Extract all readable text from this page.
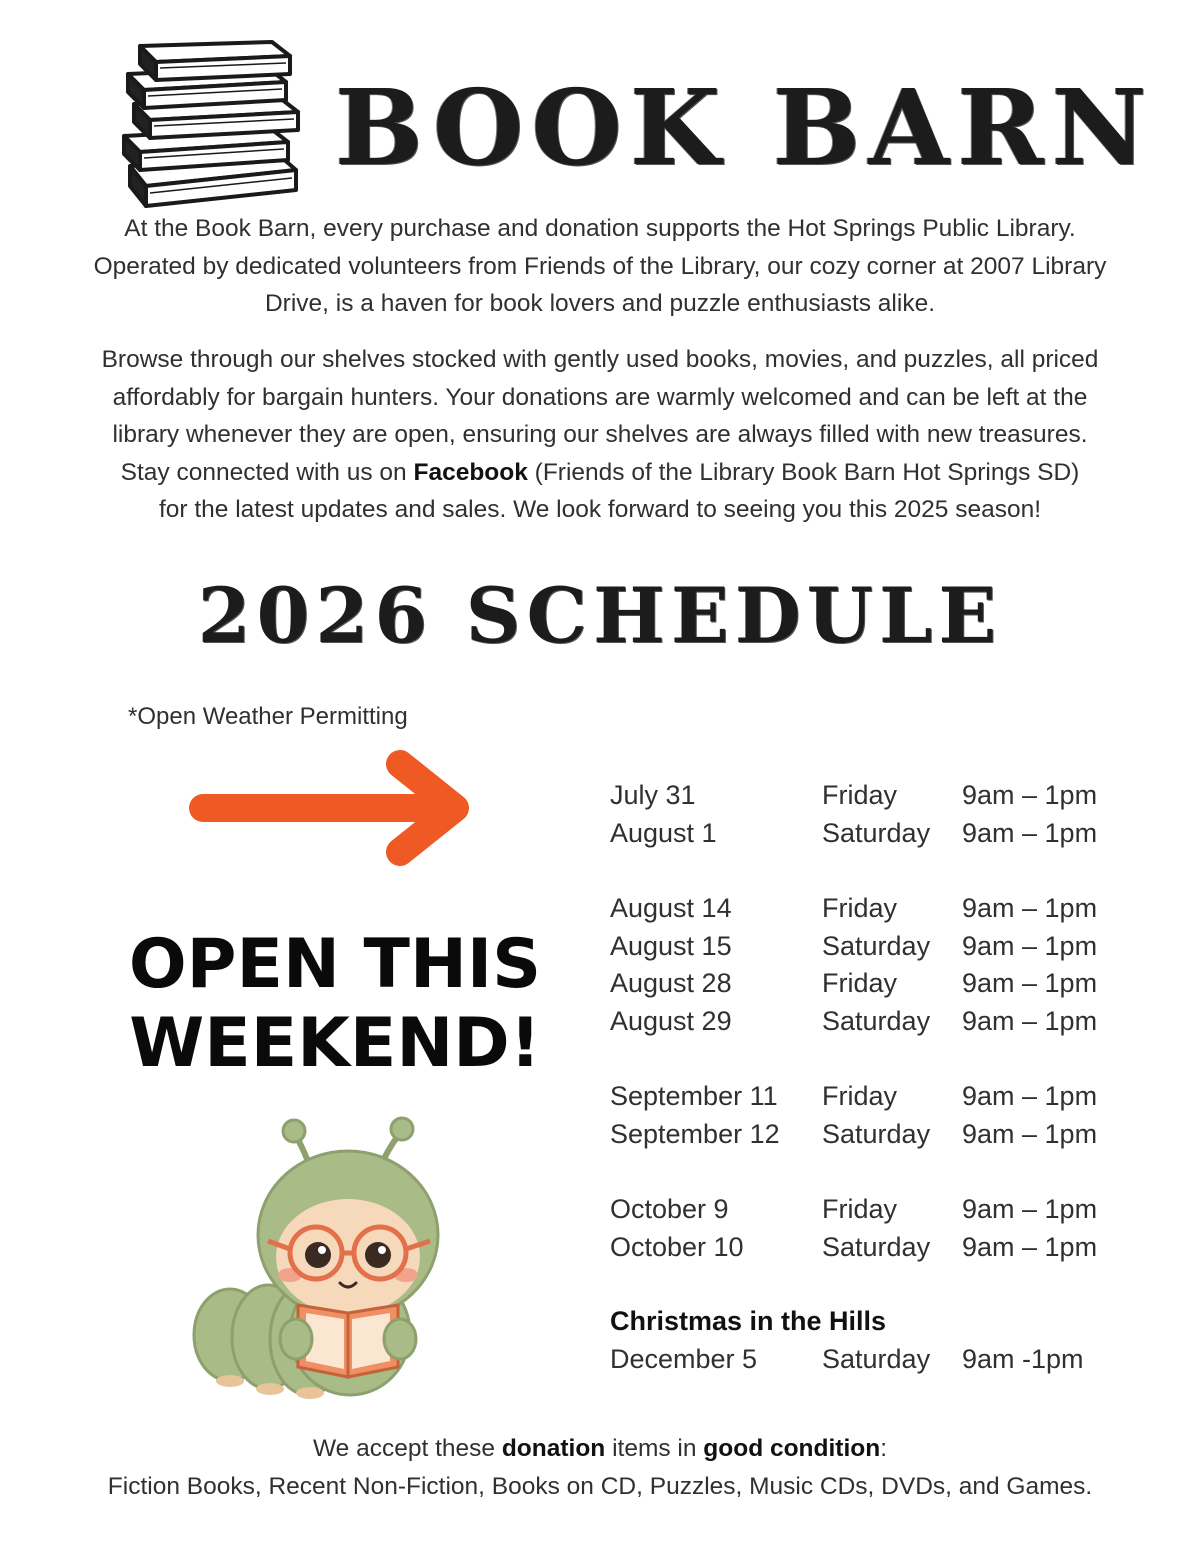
BOOK BARN
At the Book Barn, every purchase and donation supports the Hot Springs Public Library.
Operated by dedicated volunteers from Friends of the Library, our cozy corner at 2007 Library
Drive, is a haven for book lovers and puzzle enthusiasts alike.
Browse through our shelves stocked with gently used books, movies, and puzzles, all priced
affordably for bargain hunters. Your donations are warmly welcomed and can be left at the
library whenever they are open, ensuring our shelves are always filled with new treasures.
Stay connected with us on Facebook (Friends of the Library Book Barn Hot Springs SD)
for the latest updates and sales. We look forward to seeing you this 2025 season!
2026 SCHEDULE
*Open Weather Permitting
OPEN THIS
WEEKEND!
July 31	Friday 9am – 1pm
August 1	Saturday 9am – 1pm
August 14	Friday 9am – 1pm
August 15	Saturday 9am – 1pm
August 28	Friday 9am – 1pm
August 29	Saturday 9am – 1pm
September 11 Friday 9am – 1pm
September 12 Saturday 9am – 1pm
October 9	Friday 9am – 1pm
October 10	Saturday 9am – 1pm
Christmas in the Hills
December 5 Saturday 9am -1pm
We accept these donation items in good condition:
Fiction Books, Recent Non-Fiction, Books on CD, Puzzles, Music CDs, DVDs, and Games.
